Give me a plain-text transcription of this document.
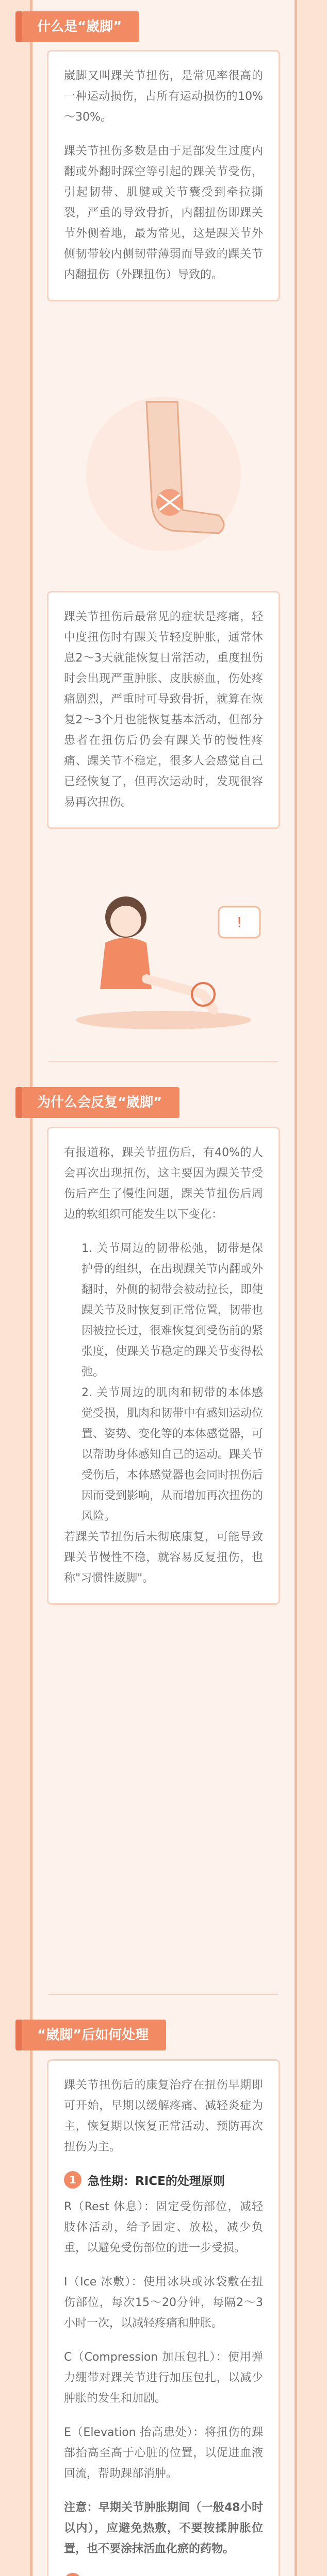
什么是“崴脚”

崴脚又叫踝关节扭伤，是常见率很高的一种运动损伤，占所有运动损伤的10%～30%。

踝关节扭伤多数是由于足部发生过度内翻或外翻时踩空等引起的踝关节受伤，引起韧带、肌腱或关节囊受到牵拉撕裂，严重的导致骨折，内翻扭伤即踝关节外侧着地，最为常见，这是踝关节外侧韧带较内侧韧带薄弱而导致的踝关节内翻扭伤（外踝扭伤）导致的。

踝关节扭伤后最常见的症状是疼痛，轻中度扭伤时有踝关节轻度肿胀，通常休息2～3天就能恢复日常活动，重度扭伤时会出现严重肿胀、皮肤瘀血，伤处疼痛剧烈，严重时可导致骨折，就算在恢复2～3个月也能恢复基本活动，但部分患者在扭伤后仍会有踝关节的慢性疼痛、踝关节不稳定，很多人会感觉自己已经恢复了，但再次运动时，发现很容易再次扭伤。

!
为什么会反复“崴脚”

有报道称，踝关节扭伤后，有40%的人会再次出现扭伤，这主要因为踝关节受伤后产生了慢性问题，踝关节扭伤后周边的软组织可能发生以下变化：

1. 关节周边的韧带松弛，韧带是保护骨的组织，在出现踝关节内翻或外翻时，外侧的韧带会被动拉长，即使踝关节及时恢复到正常位置，韧带也因被拉长过，很难恢复到受伤前的紧张度，使踝关节稳定的踝关节变得松弛。

2. 关节周边的肌肉和韧带的本体感觉受损，肌肉和韧带中有感知运动位置、姿势、变化等的本体感觉器，可以帮助身体感知自己的运动。踝关节受伤后，本体感觉器也会同时扭伤后因而受到影响，从而增加再次扭伤的风险。

若踝关节扭伤后未彻底康复，可能导致踝关节慢性不稳，就容易反复扭伤，也称"习惯性崴脚"。

“崴脚”后如何处理

踝关节扭伤后的康复治疗在扭伤早期即可开始，早期以缓解疼痛、减轻炎症为主，恢复期以恢复正常活动、预防再次扭伤为主。

1 急性期：RICE的处理原则

R（Rest 休息）：固定受伤部位，减轻肢体活动，给予固定、放松，减少负重，以避免受伤部位的进一步受损。

I（Ice 冰敷）：使用冰块或冰袋敷在扭伤部位，每次15～20分钟，每隔2～3小时一次，以减轻疼痛和肿胀。

C（Compression 加压包扎）：使用弹力绷带对踝关节进行加压包扎，以减少肿胀的发生和加剧。

E（Elevation 抬高患处）：将扭伤的踝部抬高至高于心脏的位置，以促进血液回流，帮助踝部消肿。

注意：早期关节肿胀期间（一般48小时以内），应避免热敷，不要按揉肿胀位置，也不要涂抹活血化瘀的药物。
